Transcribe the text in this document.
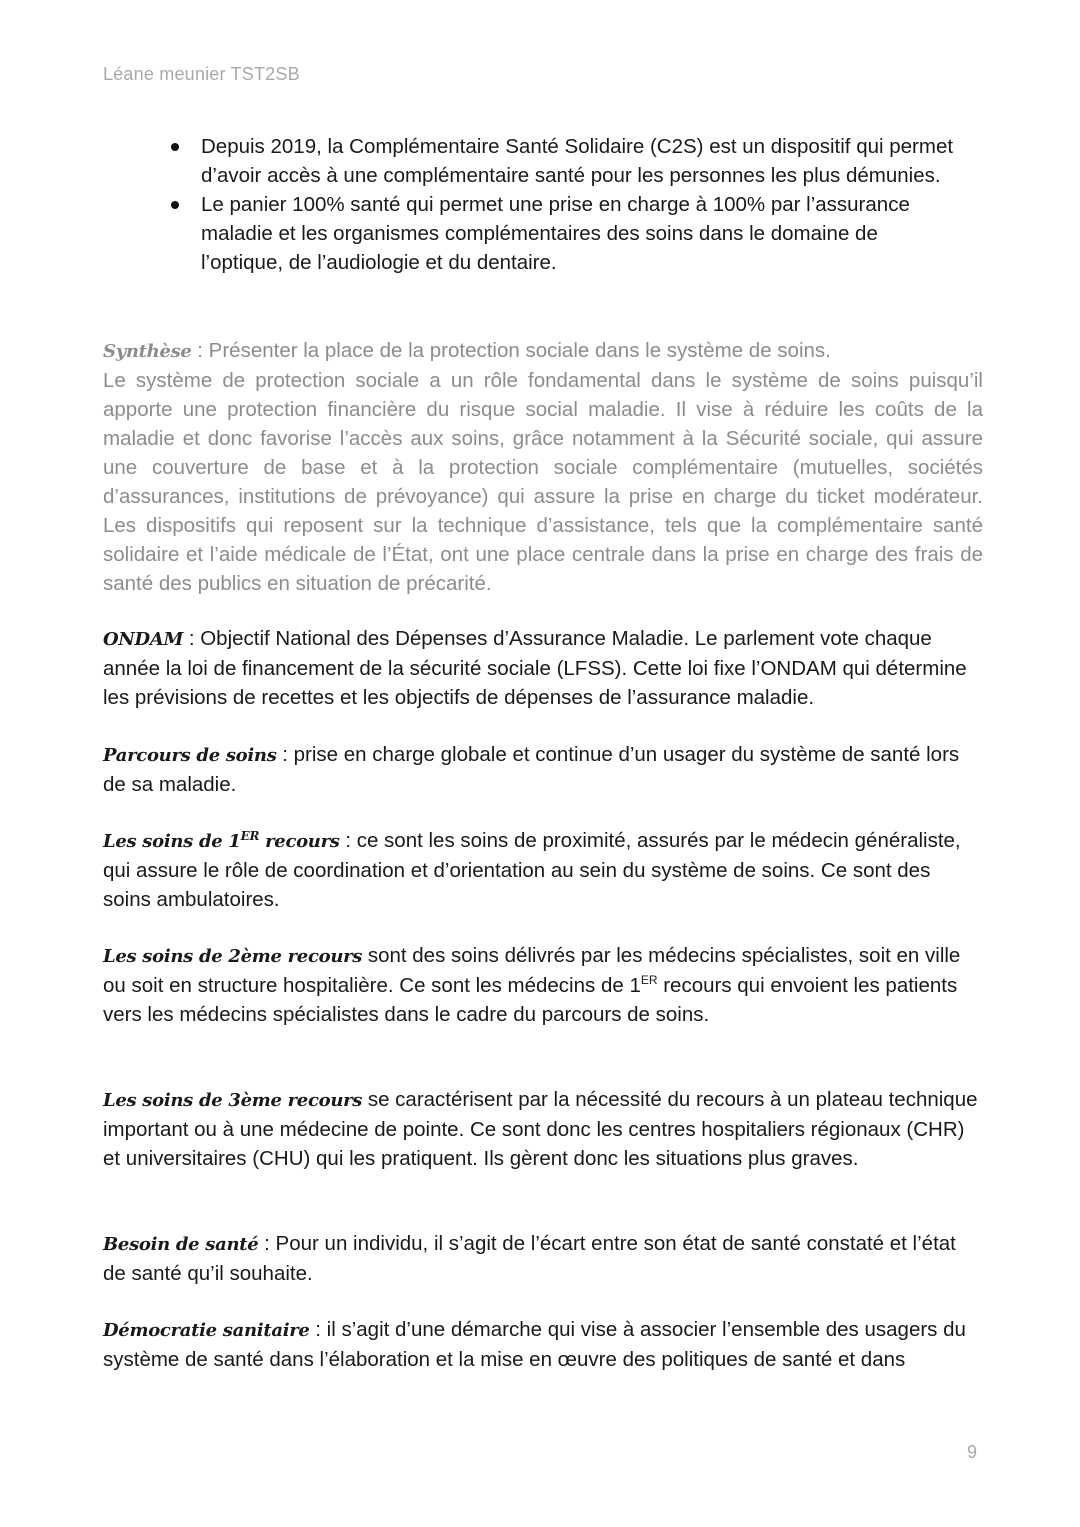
Léane meunier TST2SB
Depuis 2019, la Complémentaire Santé Solidaire (C2S) est un dispositif qui permet d’avoir accès à une complémentaire santé pour les personnes les plus démunies.
Le panier 100% santé qui permet une prise en charge à 100% par l’assurance maladie et les organismes complémentaires des soins dans le domaine de l’optique, de l’audiologie et du dentaire.

Synthèse : Présenter la place de la protection sociale dans le système de soins.
Le système de protection sociale a un rôle fondamental dans le système de soins puisqu’il apporte une protection financière du risque social maladie. Il vise à réduire les coûts de la maladie et donc favorise l’accès aux soins, grâce notamment à la Sécurité sociale, qui assure une couverture de base et à la protection sociale complémentaire (mutuelles, sociétés d’assurances, institutions de prévoyance) qui assure la prise en charge du ticket modérateur. Les dispositifs qui reposent sur la technique d’assistance, tels que la complémentaire santé solidaire et l’aide médicale de l’État, ont une place centrale dans la prise en charge des frais de santé des publics en situation de précarité.

ONDAM : Objectif National des Dépenses d’Assurance Maladie. Le parlement vote chaque année la loi de financement de la sécurité sociale (LFSS). Cette loi fixe l’ONDAM qui détermine les prévisions de recettes et les objectifs de dépenses de l’assurance maladie.

Parcours de soins : prise en charge globale et continue d’un usager du système de santé lors de sa maladie.

Les soins de 1ER recours : ce sont les soins de proximité, assurés par le médecin généraliste, qui assure le rôle de coordination et d’orientation au sein du système de soins. Ce sont des soins ambulatoires.

Les soins de 2ème recours sont des soins délivrés par les médecins spécialistes, soit en ville ou soit en structure hospitalière. Ce sont les médecins de 1ER recours qui envoient les patients vers les médecins spécialistes dans le cadre du parcours de soins.

Les soins de 3ème recours se caractérisent par la nécessité du recours à un plateau technique important ou à une médecine de pointe. Ce sont donc les centres hospitaliers régionaux (CHR) et universitaires (CHU) qui les pratiquent. Ils gèrent donc les situations plus graves.

Besoin de santé : Pour un individu, il s’agit de l’écart entre son état de santé constaté et l’état de santé qu’il souhaite.

Démocratie sanitaire : il s’agit d’une démarche qui vise à associer l’ensemble des usagers du système de santé dans l’élaboration et la mise en œuvre des politiques de santé et dans

9
